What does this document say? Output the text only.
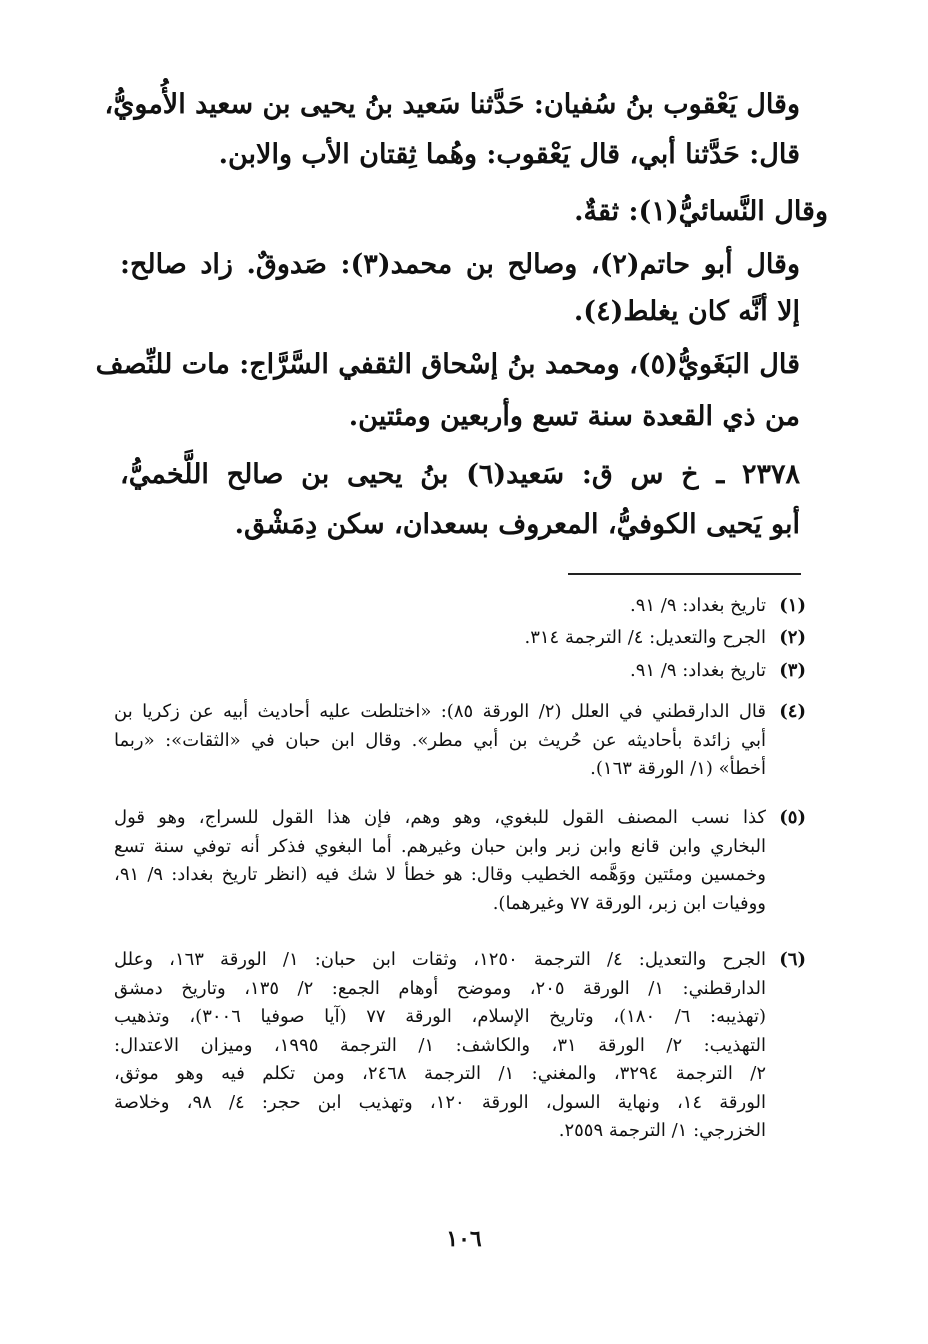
وقال يَعْقوب بنُ سُفيان: حَدَّثنا سَعيد بنُ يحيى بن سعيد الأُمويُّ،
قال: حَدَّثنا أبي، قال يَعْقوب: وهُما ثِقتان الأب والابن.
وقال النَّسائيُّ(١): ثقةٌ.
وقال أبو حاتم(٢)، وصالح بن محمد(٣): صَدوقٌ. زاد صالح:
إلا أنَّه كان يغلط(٤).
قال البَغَويُّ(٥)، ومحمد بنُ إسْحاق الثقفي السَّرَّاج: مات للنِّصف
من ذي القعدة سنة تسع وأربعين ومئتين.
٢٣٧٨ ـ خ س ق: سَعيد(٦) بنُ يحيى بن صالح اللَّخميُّ،
أبو يَحيى الكوفيُّ، المعروف بسعدان، سكن دِمَشْق.
(١)
تاريخ بغداد: ٩/ ٩١.
(٢)
الجرح والتعديل: ٤/ الترجمة ٣١٤.
(٣)
تاريخ بغداد: ٩/ ٩١.
(٤)
قال الدارقطني في العلل (٢/ الورقة ٨٥): «اختلطت عليه أحاديث أبيه عن زكريا بن
أبي زائدة بأحاديثه عن حُريث بن أبي مطر». وقال ابن حبان في «الثقات»: «ربما
أخطأ» (١/ الورقة ١٦٣).
(٥)
كذا نسب المصنف القول للبغوي، وهو وهم، فإن هذا القول للسراج، وهو قول
البخاري وابن قانع وابن زبر وابن حبان وغيرهم. أما البغوي فذكر أنه توفي سنة تسع
وخمسين ومئتين ووَهَّمه الخطيب وقال: هو خطأ لا شك فيه (انظر تاريخ بغداد: ٩/ ٩١،
ووفيات ابن زبر، الورقة ٧٧ وغيرهما).
(٦)
الجرح والتعديل: ٤/ الترجمة ١٢٥٠، وثقات ابن حبان: ١/ الورقة ١٦٣، وعلل
الدارقطني: ١/ الورقة ٢٠٥، وموضح أوهام الجمع: ٢/ ١٣٥، وتاريخ دمشق
(تهذيبه: ٦/ ١٨٠)، وتاريخ الإسلام، الورقة ٧٧ (آيا صوفيا ٣٠٠٦)، وتذهيب
التهذيب: ٢/ الورقة ٣١، والكاشف: ١/ الترجمة ١٩٩٥، وميزان الاعتدال:
٢/ الترجمة ٣٢٩٤، والمغني: ١/ الترجمة ٢٤٦٨، ومن تكلم فيه وهو موثق،
الورقة ١٤، ونهاية السول، الورقة ١٢٠، وتهذيب ابن حجر: ٤/ ٩٨، وخلاصة
الخزرجي: ١/ الترجمة ٢٥٥٩.
١٠٦
